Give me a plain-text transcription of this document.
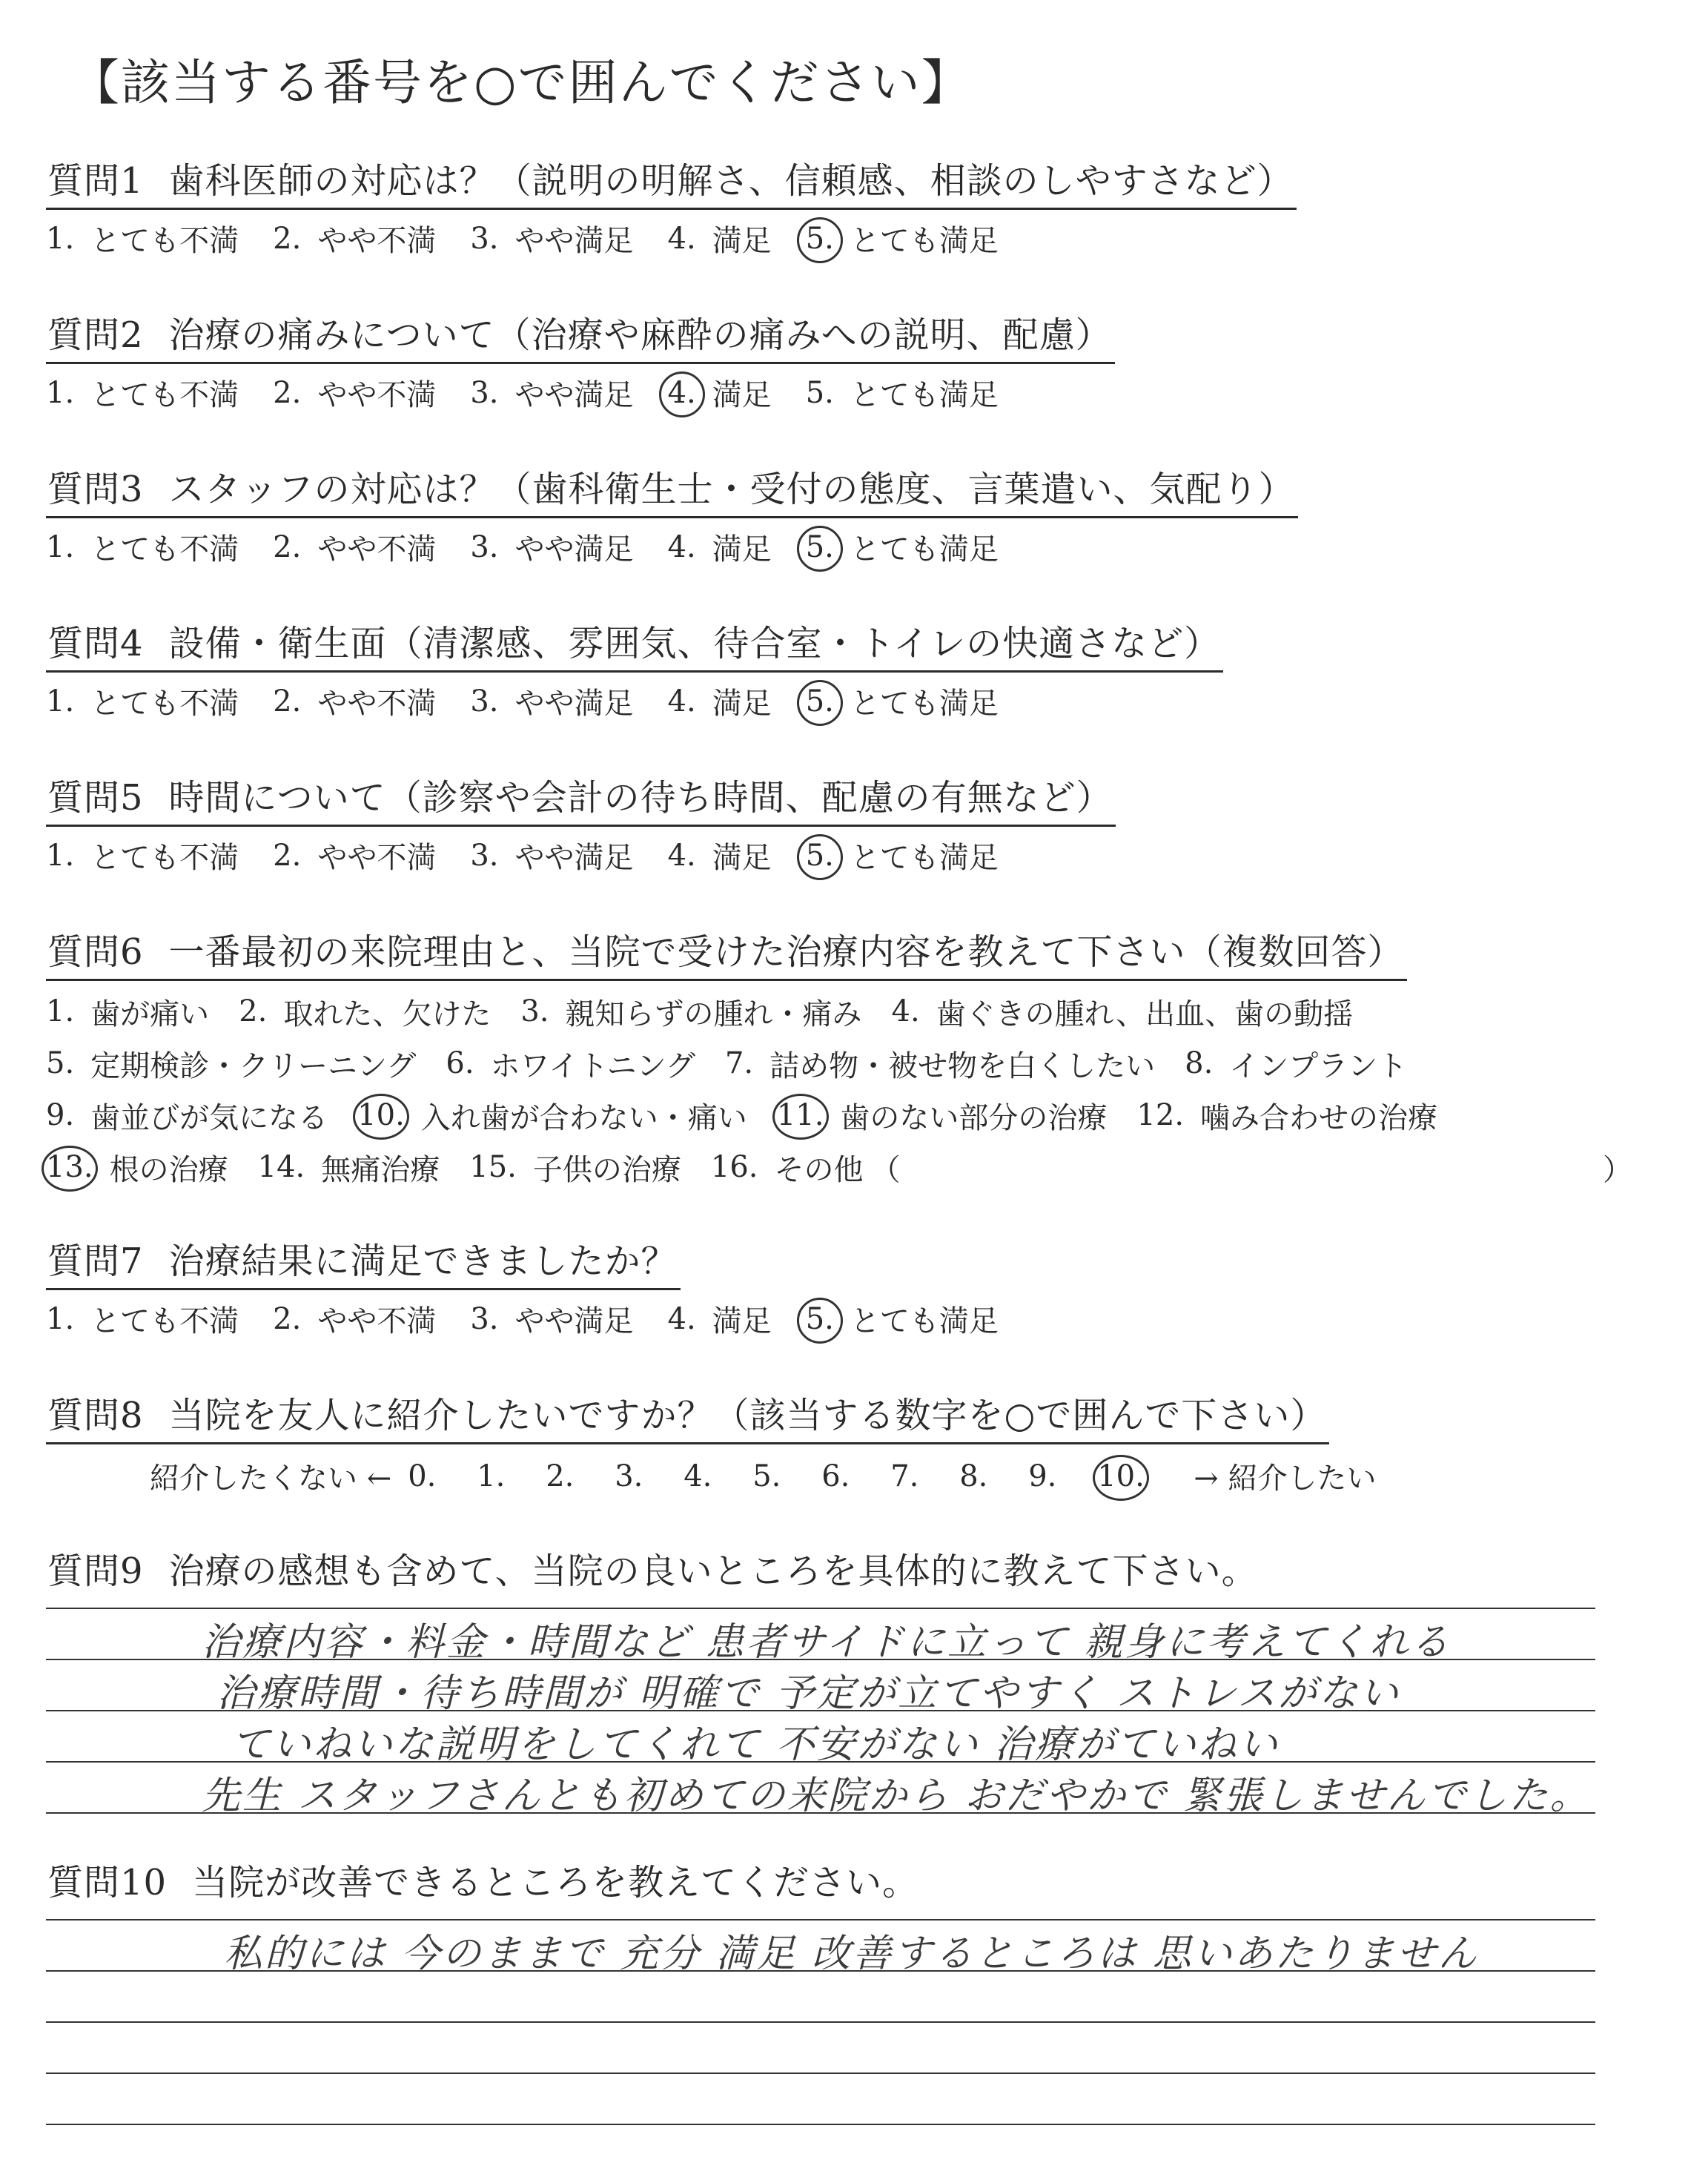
【該当する番号を○で囲んでください】
質問1 歯科医師の対応は？（説明の明解さ、信頼感、相談のしやすさなど）
1. とても不満 2. やや不満 3. やや満足 4. 満足 5. とても満足
質問2 治療の痛みについて（治療や麻酔の痛みへの説明、配慮）
1. とても不満 2. やや不満 3. やや満足 4. 満足 5. とても満足
質問3 スタッフの対応は？（歯科衛生士・受付の態度、言葉遣い、気配り）
1. とても不満 2. やや不満 3. やや満足 4. 満足 5. とても満足
質問4 設備・衛生面（清潔感、雰囲気、待合室・トイレの快適さなど）
1. とても不満 2. やや不満 3. やや満足 4. 満足 5. とても満足
質問5 時間について（診察や会計の待ち時間、配慮の有無など）
1. とても不満 2. やや不満 3. やや満足 4. 満足 5. とても満足
質問6 一番最初の来院理由と、当院で受けた治療内容を教えて下さい（複数回答）
1. 歯が痛い 2. 取れた、欠けた 3. 親知らずの腫れ・痛み 4. 歯ぐきの腫れ、出血、歯の動揺
5. 定期検診・クリーニング 6. ホワイトニング 7. 詰め物・被せ物を白くしたい 8. インプラント
9. 歯並びが気になる 10. 入れ歯が合わない・痛い 11. 歯のない部分の治療 12. 噛み合わせの治療
13. 根の治療 14. 無痛治療 15. 子供の治療 16. その他 （	）
質問7 治療結果に満足できましたか？
1. とても不満 2. やや不満 3. やや満足 4. 満足 5. とても満足
質問8 当院を友人に紹介したいですか？（該当する数字を○で囲んで下さい）
紹介したくない ← 0.	1.	2.	3.	4.	5.	6.	7.	8.	9.	10.	→ 紹介したい
質問9 治療の感想も含めて、当院の良いところを具体的に教えて下さい。
治療内容・料金・時間など 患者サイドに立って 親身に考えてくれる
治療時間・待ち時間が 明確で 予定が立てやすく ストレスがない
ていねいな説明をしてくれて 不安がない 治療がていねい
先生 スタッフさんとも初めての来院から おだやかで 緊張しませんでした。
質問10 当院が改善できるところを教えてください。
私的には 今のままで 充分 満足 改善するところは 思いあたりません
